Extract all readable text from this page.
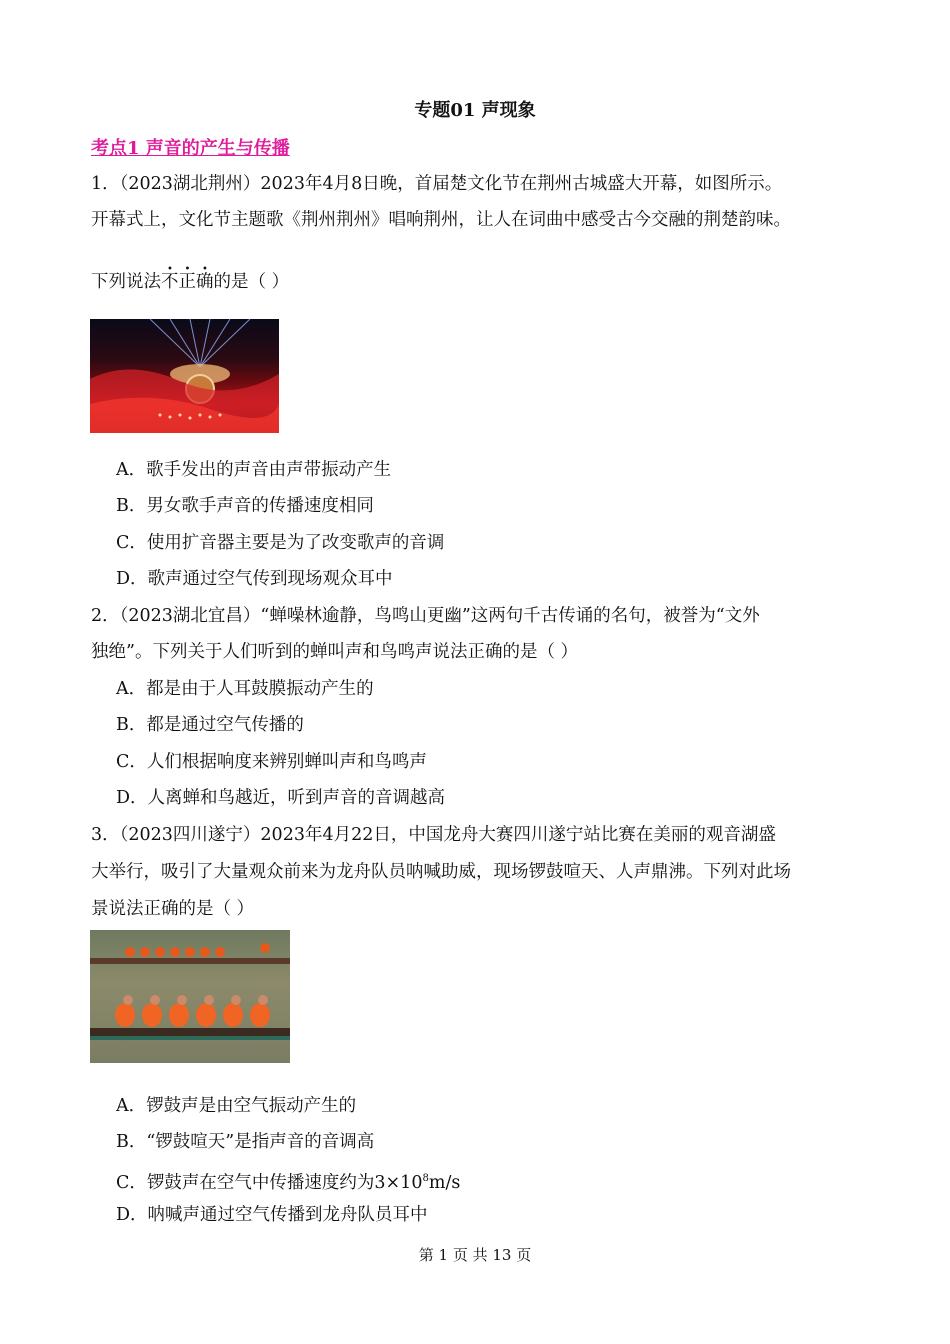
专题01 声现象
考点1 声音的产生与传播
1．（2023湖北荆州）2023年4月8日晚，首届楚文化节在荆州古城盛大开幕，如图所示。
开幕式上，文化节主题歌《荆州荆州》唱响荆州，让人在词曲中感受古今交融的荆楚韵味。
下列说法不正确的是（ ）
A．歌手发出的声音由声带振动产生
B．男女歌手声音的传播速度相同
C．使用扩音器主要是为了改变歌声的音调
D．歌声通过空气传到现场观众耳中
2．（2023湖北宜昌）“蝉噪林逾静，鸟鸣山更幽”这两句千古传诵的名句，被誉为“文外
独绝”。下列关于人们听到的蝉叫声和鸟鸣声说法正确的是（ ）
A．都是由于人耳鼓膜振动产生的
B．都是通过空气传播的
C．人们根据响度来辨别蝉叫声和鸟鸣声
D．人离蝉和鸟越近，听到声音的音调越高
3．（2023四川遂宁）2023年4月22日，中国龙舟大赛四川遂宁站比赛在美丽的观音湖盛
大举行，吸引了大量观众前来为龙舟队员呐喊助威，现场锣鼓喧天、人声鼎沸。下列对此场
景说法正确的是（ ）
A．锣鼓声是由空气振动产生的
B．“锣鼓喧天”是指声音的音调高
C．锣鼓声在空气中传播速度约为$3\times 10^8m/s$
D．呐喊声通过空气传播到龙舟队员耳中
第 1 页 共 13 页
